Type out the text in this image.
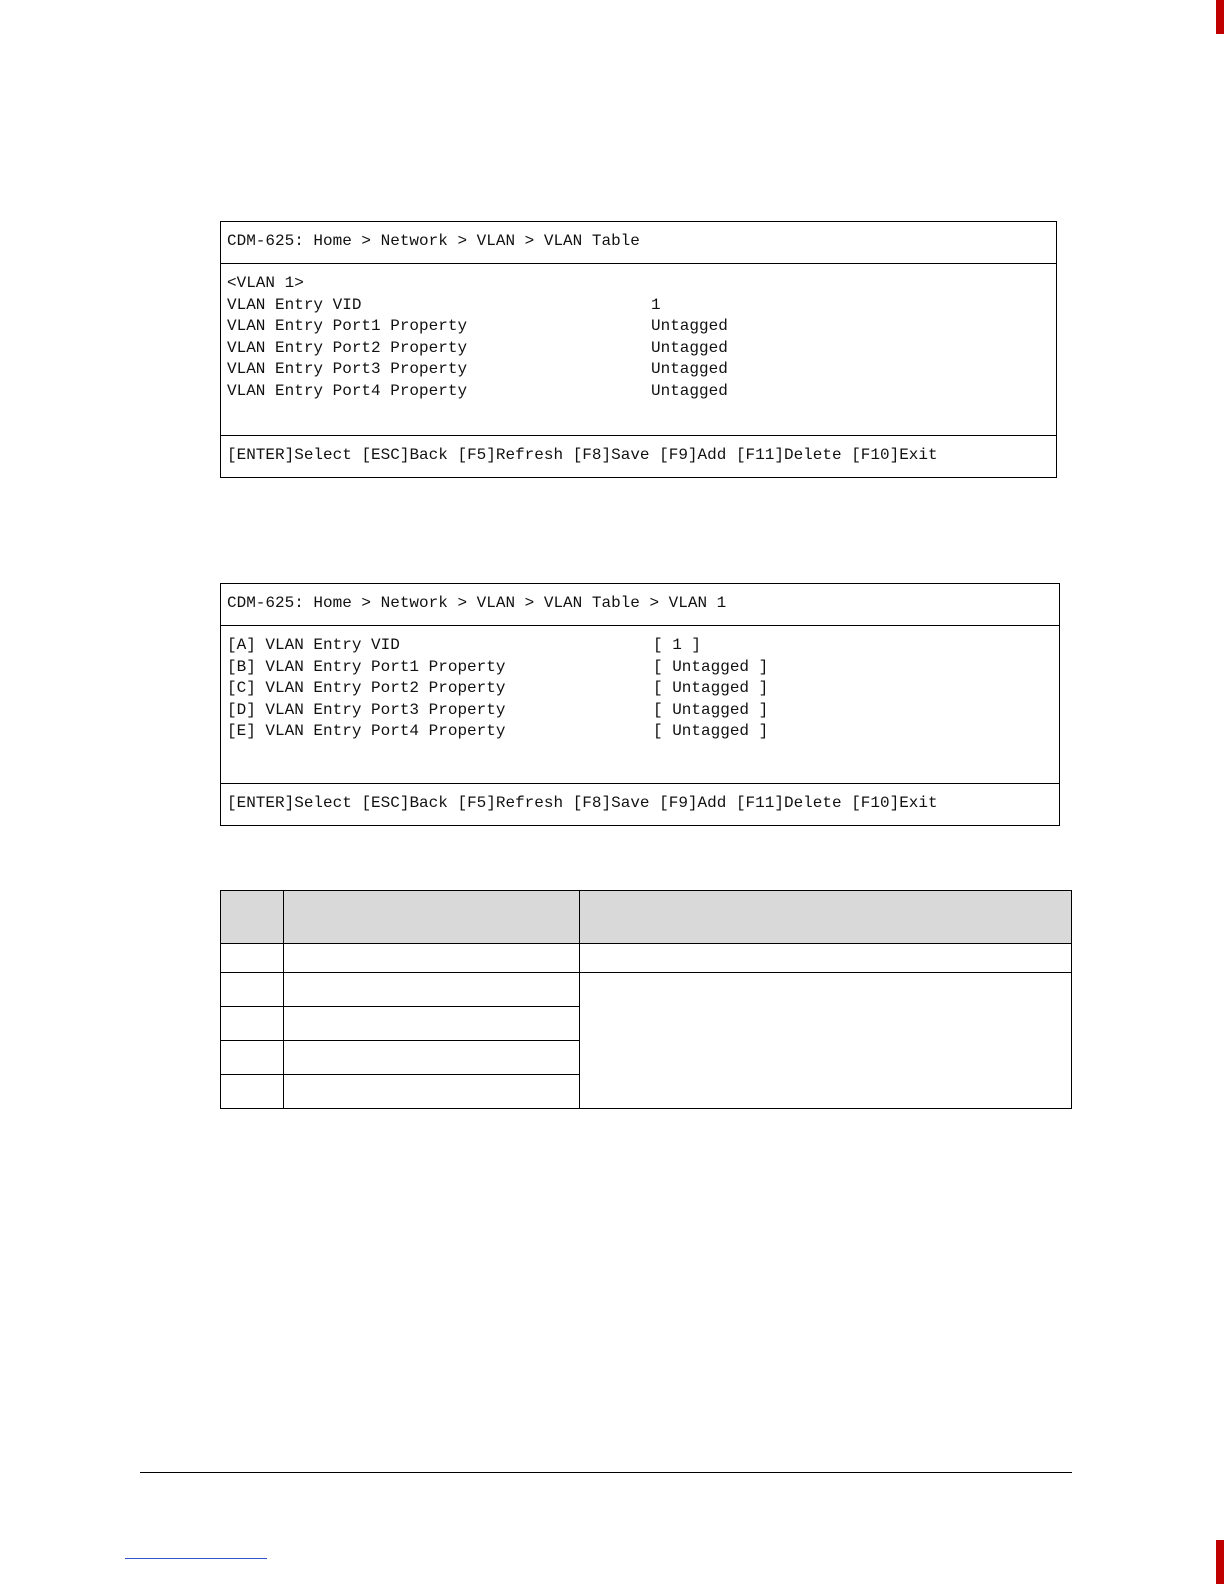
CDM-625: Home > Network > VLAN > VLAN Table
<VLAN 1>
VLAN Entry VID	1
VLAN Entry Port1 Property	Untagged
VLAN Entry Port2 Property	Untagged
VLAN Entry Port3 Property	Untagged
VLAN Entry Port4 Property	Untagged
[ENTER]Select [ESC]Back [F5]Refresh [F8]Save [F9]Add [F11]Delete [F10]Exit
CDM-625: Home > Network > VLAN > VLAN Table > VLAN 1
[A] VLAN Entry VID	[ 1 ]
[B] VLAN Entry Port1 Property	[ Untagged ]
[C] VLAN Entry Port2 Property	[ Untagged ]
[D] VLAN Entry Port3 Property	[ Untagged ]
[E] VLAN Entry Port4 Property	[ Untagged ]
[ENTER]Select [ESC]Back [F5]Refresh [F8]Save [F9]Add [F11]Delete [F10]Exit
